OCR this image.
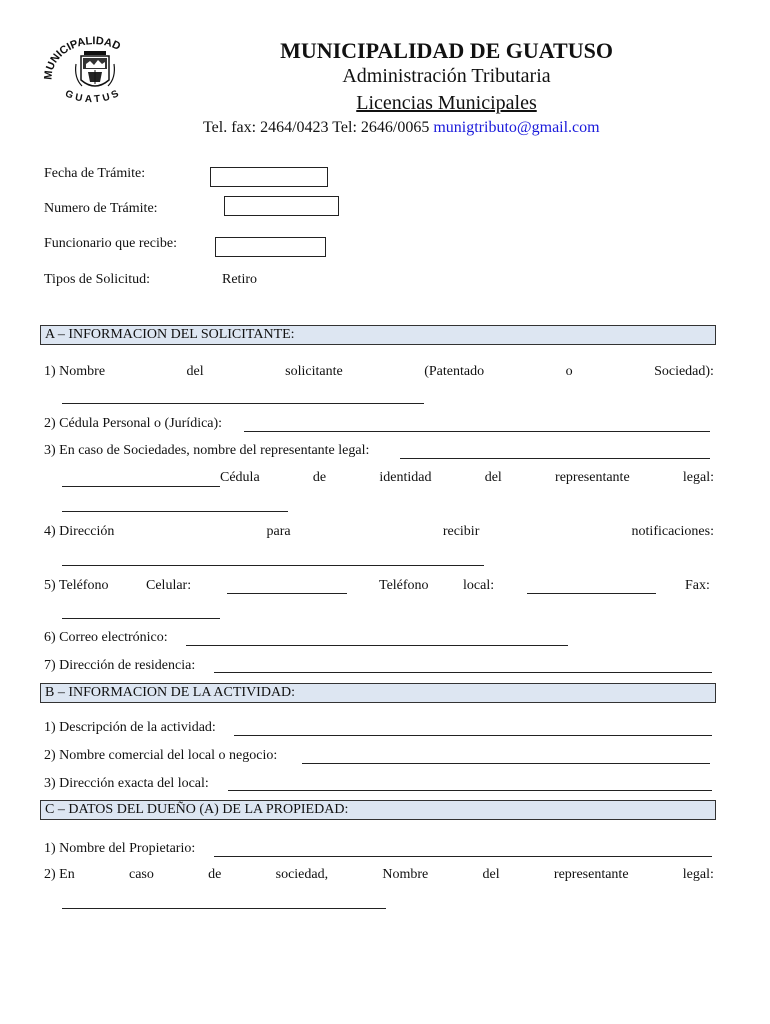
MUNICIPALIDAD
GUATUS
MUNICIPALIDAD DE GUATUSO
Administración Tributaria
Licencias Municipales
Tel. fax: 2464/0423 Tel: 2646/0065 munigtributo@gmail.com
Fecha de Trámite:
Numero de Trámite:
Funcionario que recibe:
Tipos de Solicitud:	Retiro
A – INFORMACION DEL SOLICITANTE:
1) Nombre	del	solicitante	(Patentado	o	Sociedad):
2) Cédula Personal o (Jurídica):
3) En caso de Sociedades, nombre del representante legal:
Cédula	de	identidad	del	representante	legal:
4) Dirección	para	recibir	notificaciones:
5) Teléfono	Celular:	Teléfono local:	Fax:
6) Correo electrónico:
7) Dirección de residencia:
B – INFORMACION DE LA ACTIVIDAD:
1) Descripción de la actividad:
2) Nombre comercial del local o negocio:
3) Dirección exacta del local:
C – DATOS DEL DUEÑO (A) DE LA PROPIEDAD:
1) Nombre del Propietario:
2) En	caso	de	sociedad,	Nombre	del	representante	legal:
